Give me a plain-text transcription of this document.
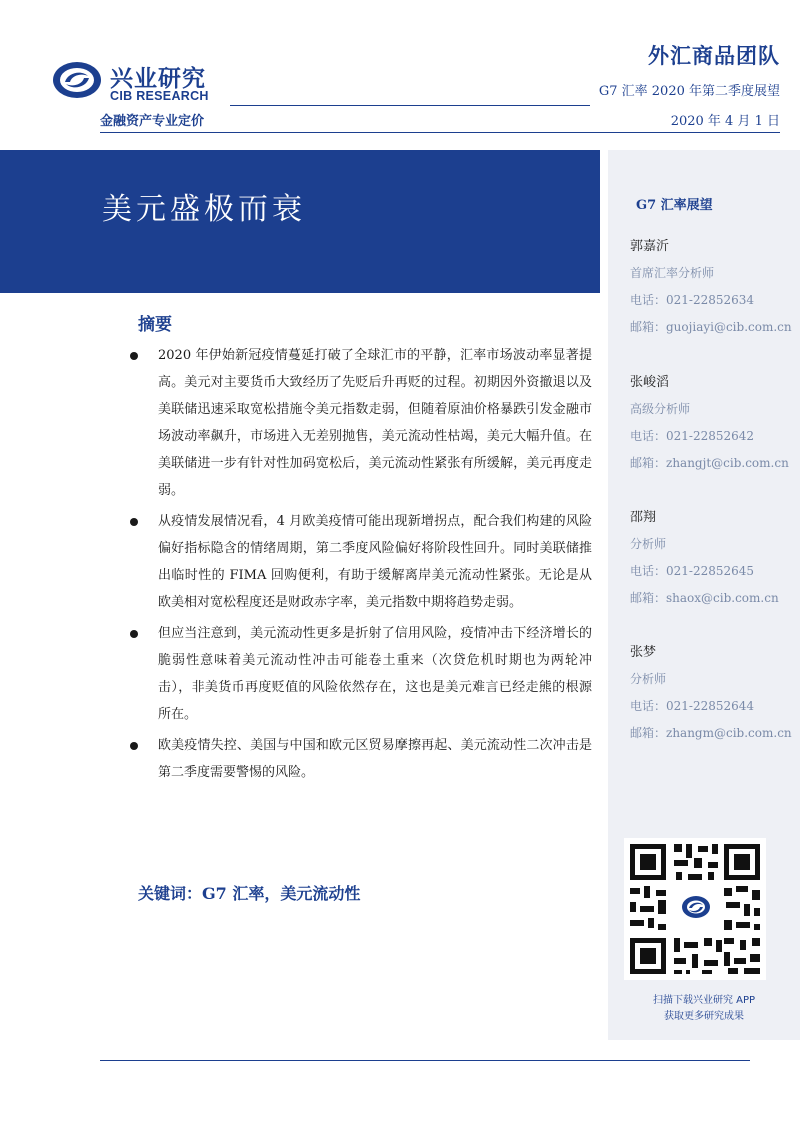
兴业研究
CIB RESEARCH
外汇商品团队
G7 汇率 2020 年第二季度展望
金融资产专业定价	2020 年 4 月 1 日
美元盛极而衰	G7 汇率展望
郭嘉沂
首席汇率分析师
电话：021-22852634
邮箱：guojiayi@cib.com.cn
张峻滔
高级分析师
电话：021-22852642
邮箱：zhangjt@cib.com.cn
邵翔
分析师
电话：021-22852645
邮箱：shaox@cib.com.cn
张梦
分析师
电话：021-22852644
邮箱：zhangm@cib.com.cn
扫描下载兴业研究 APP
获取更多研究成果
摘要
2020 年伊始新冠疫情蔓延打破了全球汇市的平静，汇率市场波动率显著提高。美元对主要货币大致经历了先贬后升再贬的过程。初期因外资撤退以及美联储迅速采取宽松措施令美元指数走弱，但随着原油价格暴跌引发金融市场波动率飙升，市场进入无差别抛售，美元流动性枯竭，美元大幅升值。在美联储进一步有针对性加码宽松后，美元流动性紧张有所缓解，美元再度走弱。
从疫情发展情况看，4 月欧美疫情可能出现新增拐点，配合我们构建的风险偏好指标隐含的情绪周期，第二季度风险偏好将阶段性回升。同时美联储推出临时性的 FIMA 回购便利，有助于缓解离岸美元流动性紧张。无论是从欧美相对宽松程度还是财政赤字率，美元指数中期将趋势走弱。
但应当注意到，美元流动性更多是折射了信用风险，疫情冲击下经济增长的脆弱性意味着美元流动性冲击可能卷土重来（次贷危机时期也为两轮冲击），非美货币再度贬值的风险依然存在，这也是美元难言已经走熊的根源所在。
欧美疫情失控、美国与中国和欧元区贸易摩擦再起、美元流动性二次冲击是第二季度需要警惕的风险。
关键词：G7 汇率，美元流动性
